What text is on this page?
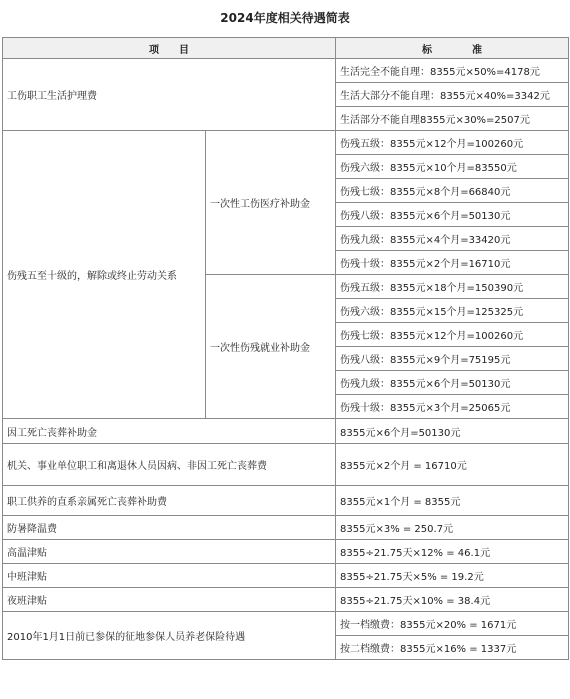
2024年度相关待遇简表
项　　目		标　　　　准
工伤职工生活护理费		生活完全不能自理：8355元×50%=4178元
		生活大部分不能自理：8355元×40%=3342元
		生活部分不能自理8355元×30%=2507元
伤残五至十级的，解除或终止劳动关系	一次性工伤医疗补助金	伤残五级：8355元×12个月=100260元
		伤残六级：8355元×10个月=83550元
		伤残七级：8355元×8个月=66840元
		伤残八级：8355元×6个月=50130元
		伤残九级：8355元×4个月=33420元
		伤残十级：8355元×2个月=16710元
	一次性伤残就业补助金	伤残五级：8355元×18个月=150390元
		伤残六级：8355元×15个月=125325元
		伤残七级：8355元×12个月=100260元
		伤残八级：8355元×9个月=75195元
		伤残九级：8355元×6个月=50130元
		伤残十级：8355元×3个月=25065元
因工死亡丧葬补助金		8355元×6个月=50130元
机关、事业单位职工和离退休人员因病、非因工死亡丧葬费		8355元×2个月 = 16710元
职工供养的直系亲属死亡丧葬补助费		8355元×1个月 = 8355元
防暑降温费		8355元×3% = 250.7元
高温津贴		8355÷21.75天×12% = 46.1元
中班津贴		8355÷21.75天×5% = 19.2元
夜班津贴		8355÷21.75天×10% = 38.4元
2010年1月1日前已参保的征地参保人员养老保险待遇		按一档缴费：8355元×20% = 1671元
		按二档缴费：8355元×16% = 1337元
